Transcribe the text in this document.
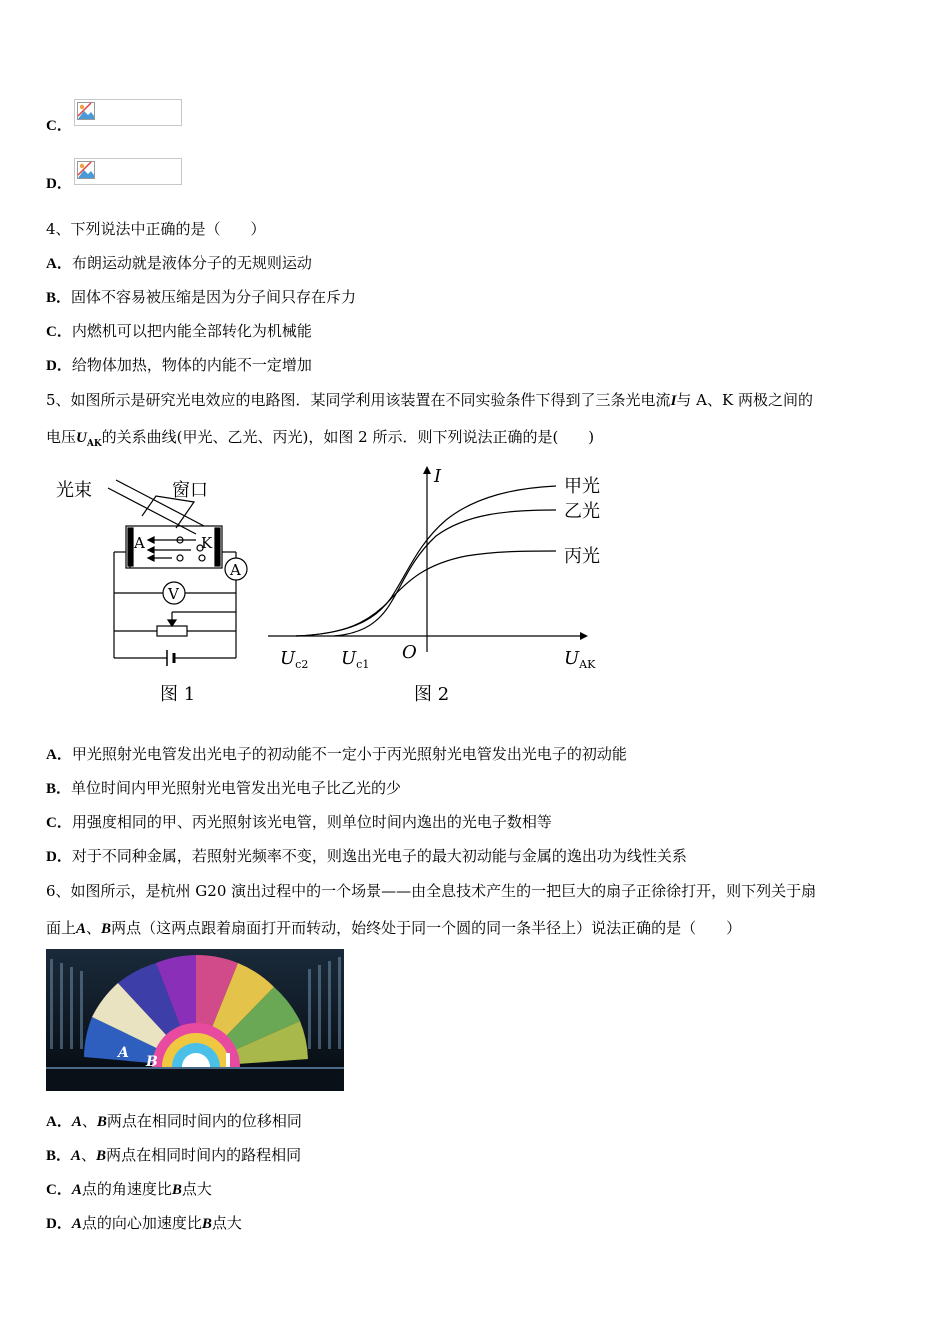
C．
D．
4、下列说法中正确的是（　　）
A．布朗运动就是液体分子的无规则运动
B．固体不容易被压缩是因为分子间只存在斥力
C．内燃机可以把内能全部转化为机械能
D．给物体加热，物体的内能不一定增加
5、如图所示是研究光电效应的电路图．某同学利用该装置在不同实验条件下得到了三条光电流I与 A、K 两极之间的
电压$U_{AK}$的关系曲线(甲光、乙光、丙光)，如图 2 所示．则下列说法正确的是(　　)
光束	窗口
A	K
A
V
图 1
I	甲光
乙光
丙光
$U_{c2}$ $U_{c1}$
O	$U_{AK}$
图 2
A．甲光照射光电管发出光电子的初动能不一定小于丙光照射光电管发出光电子的初动能
B．单位时间内甲光照射光电管发出光电子比乙光的少
C．用强度相同的甲、丙光照射该光电管，则单位时间内逸出的光电子数相等
D．对于不同种金属，若照射光频率不变，则逸出光电子的最大初动能与金属的逸出功为线性关系
6、如图所示，是杭州 G20 演出过程中的一个场景——由全息技术产生的一把巨大的扇子正徐徐打开，则下列关于扇
面上A、B两点（这两点跟着扇面打开而转动，始终处于同一个圆的同一条半径上）说法正确的是（　　）
A
B
A．A、B两点在相同时间内的位移相同
B．A、B两点在相同时间内的路程相同
C．A点的角速度比B点大
D．A点的向心加速度比B点大
